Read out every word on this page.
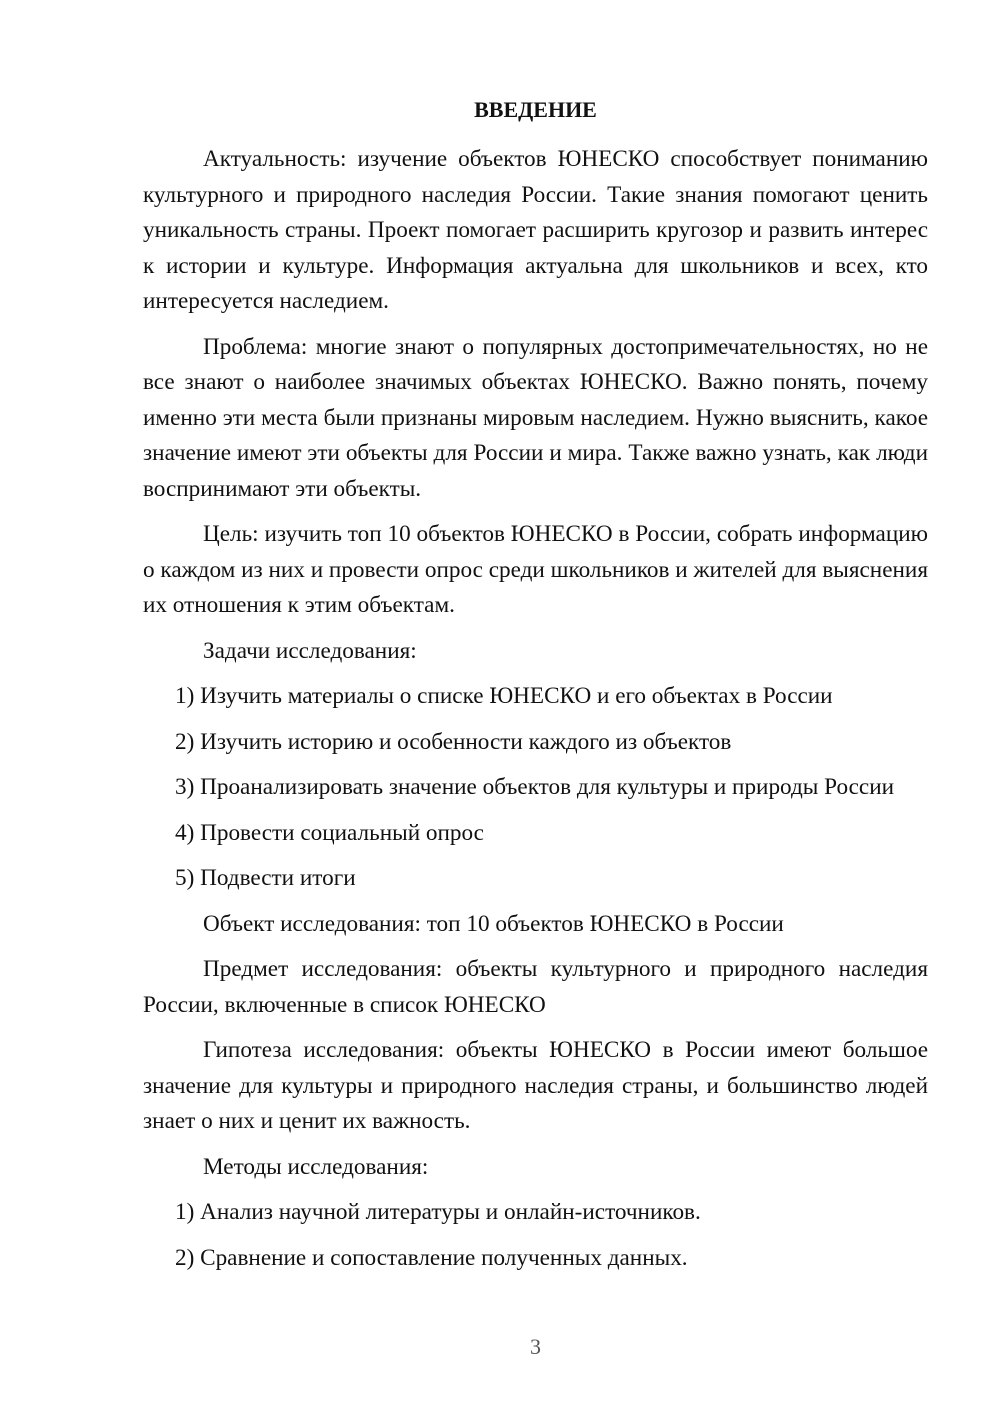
ВВЕДЕНИЕ

Актуальность: изучение объектов ЮНЕСКО способствует пониманию культурного и природного наследия России. Такие знания помогают ценить уникальность страны. Проект помогает расширить кругозор и развить интерес к истории и культуре. Информация актуальна для школьников и всех, кто интересуется наследием.

Проблема: многие знают о популярных достопримечательностях, но не все знают о наиболее значимых объектах ЮНЕСКО. Важно понять, почему именно эти места были признаны мировым наследием. Нужно выяснить, какое значение имеют эти объекты для России и мира. Также важно узнать, как люди воспринимают эти объекты.

Цель: изучить топ 10 объектов ЮНЕСКО в России, собрать информацию о каждом из них и провести опрос среди школьников и жителей для выяснения их отношения к этим объектам.

Задачи исследования:

1) Изучить материалы о списке ЮНЕСКО и его объектах в России

2) Изучить историю и особенности каждого из объектов

3) Проанализировать значение объектов для культуры и природы России

4) Провести социальный опрос

5) Подвести итоги

Объект исследования: топ 10 объектов ЮНЕСКО в России

Предмет исследования: объекты культурного и природного наследия России, включенные в список ЮНЕСКО

Гипотеза исследования: объекты ЮНЕСКО в России имеют большое значение для культуры и природного наследия страны, и большинство людей знает о них и ценит их важность.

Методы исследования:

1) Анализ научной литературы и онлайн-источников.

2) Сравнение и сопоставление полученных данных.

3
